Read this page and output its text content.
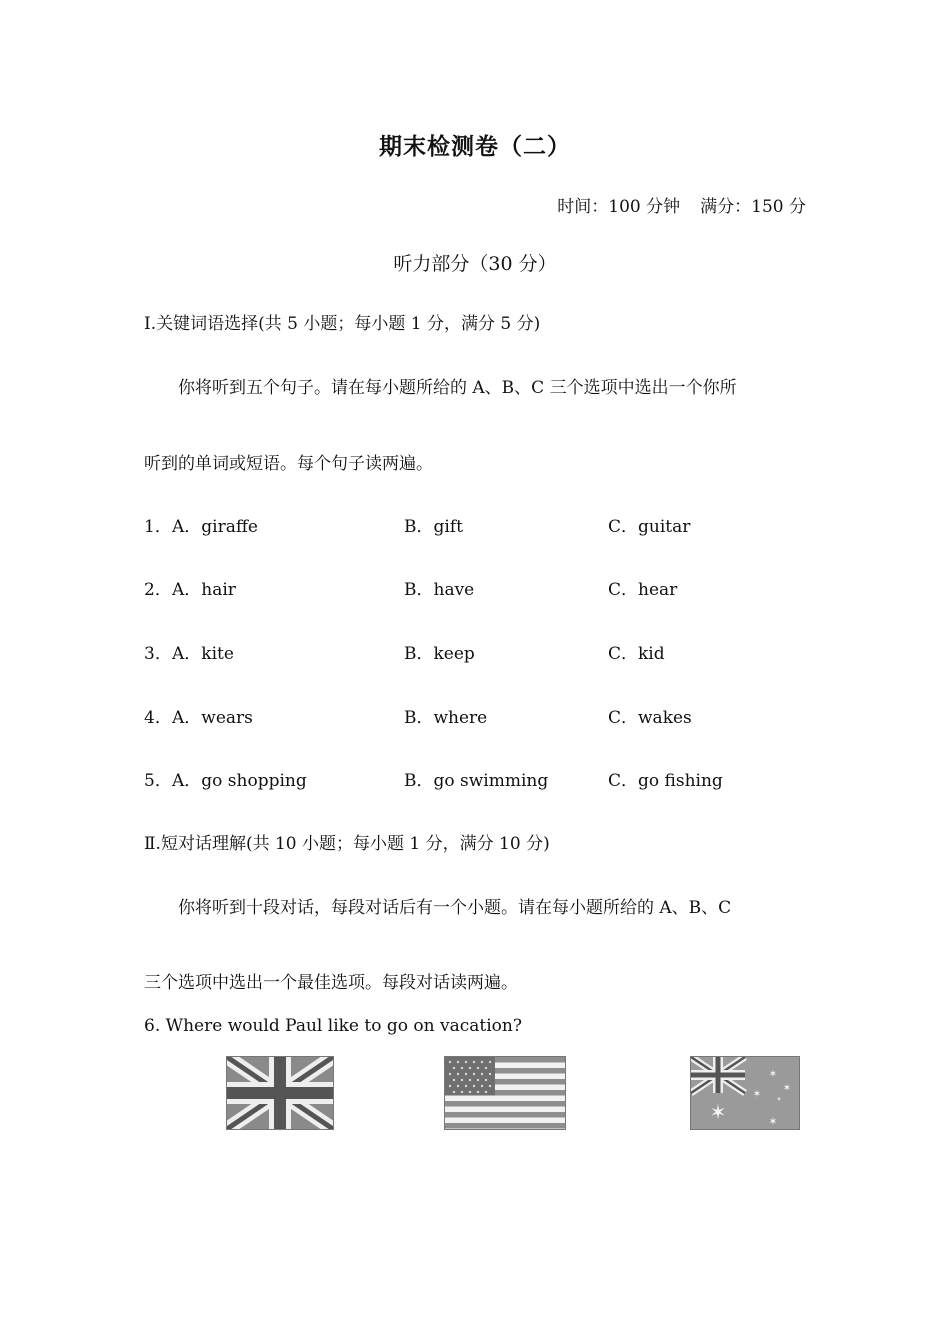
期末检测卷（二）
时间：100 分钟 满分：150 分
听力部分（30 分）
Ⅰ.关键词语选择(共 5 小题；每小题 1 分，满分 5 分)
你将听到五个句子。请在每小题所给的 A、B、C 三个选项中选出一个你所
听到的单词或短语。每个句子读两遍。
1． A．giraffe	B．gift	C．guitar
2． A．hair	B．have	C．hear
3． A．kite	B．keep	C．kid
4． A．wears	B．where	C．wakes
5． A．go shopping	B．go swimming	C．go fishing
Ⅱ.短对话理解(共 10 小题；每小题 1 分，满分 10 分)
你将听到十段对话，每段对话后有一个小题。请在每小题所给的 A、B、C
三个选项中选出一个最佳选项。每段对话读两遍。
6. Where would Paul like to go on vacation?
✶	✶
✶
✶
✶
✶
